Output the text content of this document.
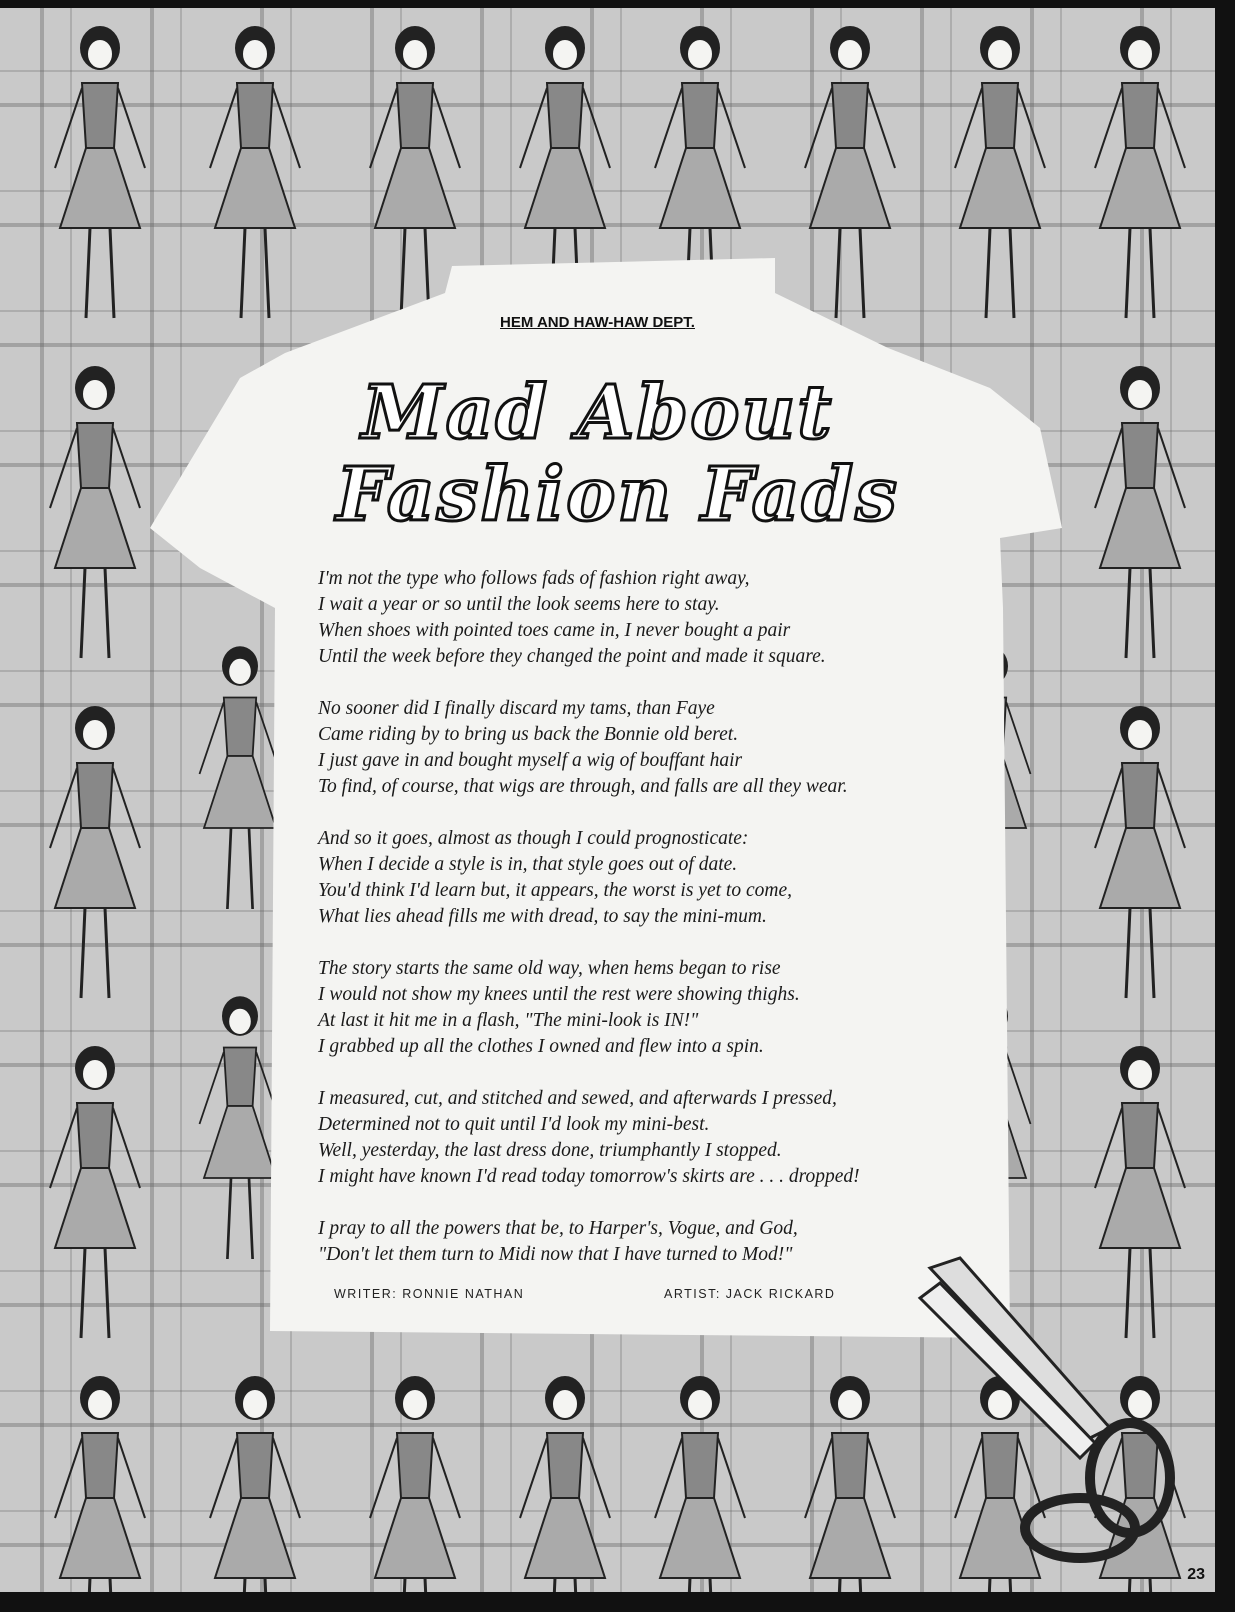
HEM AND HAW-HAW DEPT.
Mad About
Fashion Fads
I'm not the type who follows fads of fashion right away,
I wait a year or so until the look seems here to stay.
When shoes with pointed toes came in, I never bought a pair
Until the week before they changed the point and made it square.
No sooner did I finally discard my tams, than Faye
Came riding by to bring us back the Bonnie old beret.
I just gave in and bought myself a wig of bouffant hair
To find, of course, that wigs are through, and falls are all they wear.
And so it goes, almost as though I could prognosticate:
When I decide a style is in, that style goes out of date.
You'd think I'd learn but, it appears, the worst is yet to come,
What lies ahead fills me with dread, to say the mini-mum.
The story starts the same old way, when hems began to rise
I would not show my knees until the rest were showing thighs.
At last it hit me in a flash, "The mini-look is IN!"
I grabbed up all the clothes I owned and flew into a spin.
I measured, cut, and stitched and sewed, and afterwards I pressed,
Determined not to quit until I'd look my mini-best.
Well, yesterday, the last dress done, triumphantly I stopped.
I might have known I'd read today tomorrow's skirts are . . . dropped!
I pray to all the powers that be, to Harper's, Vogue, and God,
"Don't let them turn to Midi now that I have turned to Mod!"
WRITER: RONNIE NATHAN	ARTIST: JACK RICKARD
23
